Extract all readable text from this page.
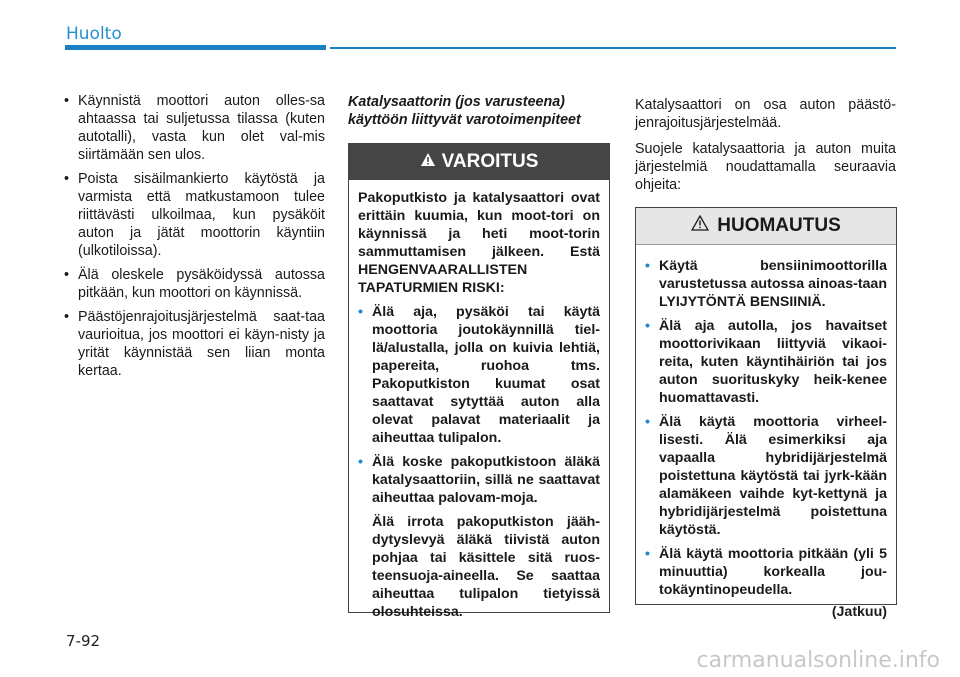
Huolto
• Käynnistä moottori auton olles-sa ahtaassa tai suljetussa tilassa (kuten autotalli), vasta kun olet val-mis siirtämään sen ulos.
• Poista sisäilmankierto käytöstä ja varmista että matkustamoon tulee riittävästi ulkoilmaa, kun pysäköit auton ja jätät moottorin käyntiin (ulkotiloissa).
• Älä oleskele pysäköidyssä autossa pitkään, kun moottori on käynnissä.
• Päästöjenrajoitusjärjestelmä saat-taa vaurioitua, jos moottori ei käyn-nisty ja yrität käynnistää sen liian monta kertaa.
Katalysaattorin (jos varusteena)
käyttöön liittyvät varotoimenpiteet
VAROITUS
Pakoputkisto ja katalysaattori ovat erittäin kuumia, kun moot-tori on käynnissä ja heti moot-torin sammuttamisen jälkeen. Estä HENGENVAARALLISTEN TAPATURMIEN RISKI:
• Älä aja, pysäköi tai käytä moottoria joutokäynnillä tiel-lä/alustalla, jolla on kuivia lehtiä, papereita, ruohoa tms. Pakoputkiston kuumat osat saattavat sytyttää auton alla olevat palavat materiaalit ja aiheuttaa tulipalon.
• Älä koske pakoputkistoon äläkä katalysaattoriin, sillä ne saattavat aiheuttaa palovam-moja.
Älä irrota pakoputkiston jääh-dytyslevyä äläkä tiivistä auton pohjaa tai käsittele sitä ruos-teensuoja-aineella. Se saattaa aiheuttaa tulipalon tietyissä olosuhteissa.

Katalysaattori on osa auton päästö-jenrajoitusjärjestelmää.

Suojele katalysaattoria ja auton muita järjestelmiä noudattamalla seuraavia ohjeita:

HUOMAUTUS
• Käytä bensiinimoottorilla varustetussa autossa ainoas-taan LYIJYTÖNTÄ BENSIINIÄ.
• Älä aja autolla, jos havaitset moottorivikaan liittyviä vikaoi-reita, kuten käyntihäiriön tai jos auton suorituskyky heik-kenee huomattavasti.
• Älä käytä moottoria virheel-lisesti. Älä esimerkiksi aja vapaalla hybridijärjestelmä poistettuna käytöstä tai jyrk-kään alamäkeen vaihde kyt-kettynä ja hybridijärjestelmä poistettuna käytöstä.
• Älä käytä moottoria pitkään (yli 5 minuuttia) korkealla jou-tokäyntinopeudella.
(Jatkuu)
7-92
carmanualsonline.info
